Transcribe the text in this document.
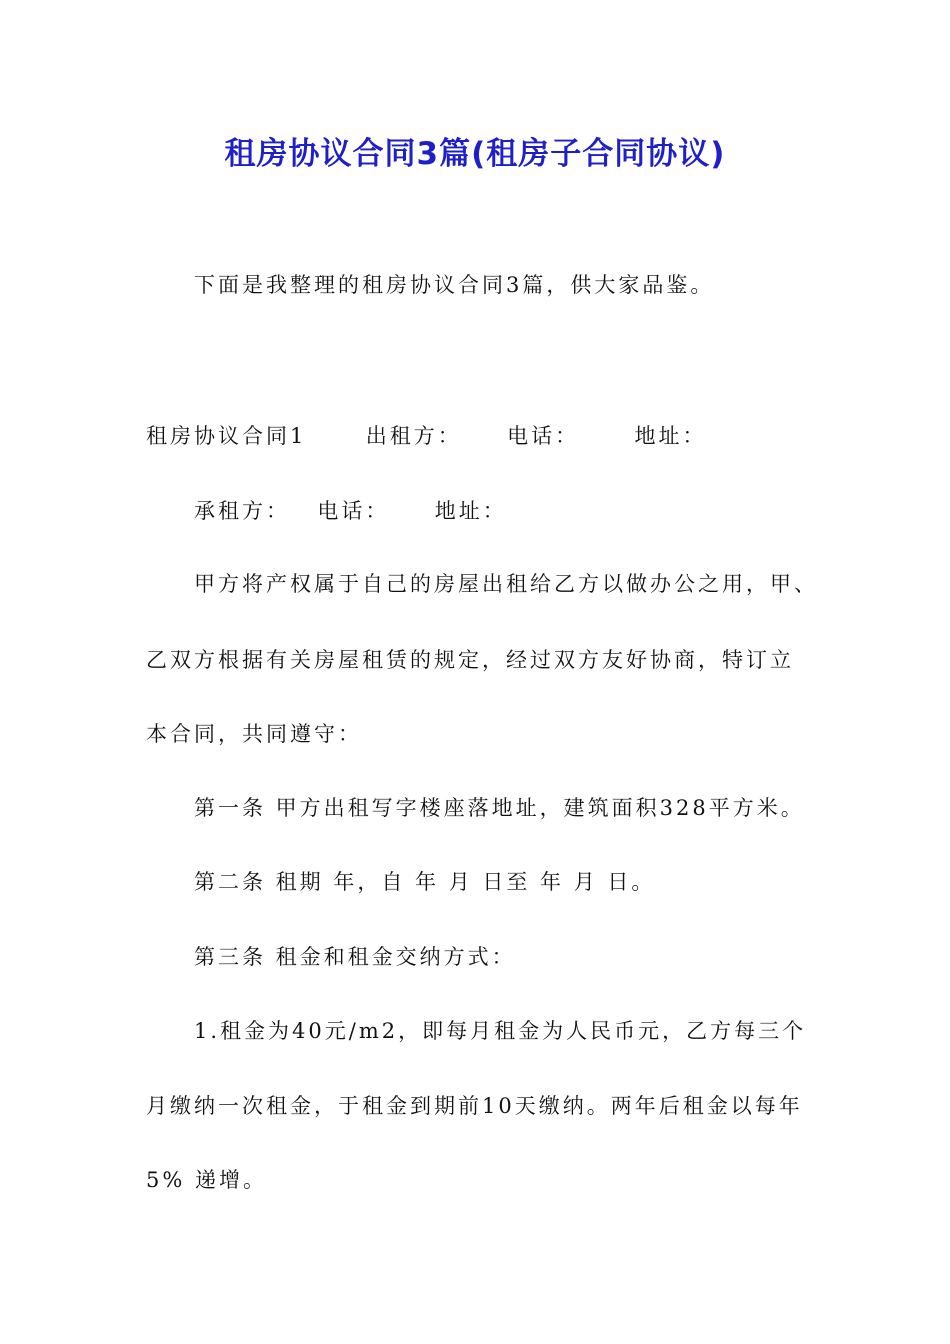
租房协议合同3篇(租房子合同协议)
下面是我整理的租房协议合同3篇，供大家品鉴。
租房协议合同1	出租方： 电话：	地址：
承租方： 电话： 地址：
甲方将产权属于自己的房屋出租给乙方以做办公之用，甲、
乙双方根据有关房屋租赁的规定，经过双方友好协商，特订立
本合同，共同遵守：
第一条 甲方出租写字楼座落地址，建筑面积328平方米。
第二条 租期 年，自 年 月 日至 年 月 日。
第三条 租金和租金交纳方式：
1.租金为40元/m2，即每月租金为人民币元，乙方每三个
月缴纳一次租金，于租金到期前10天缴纳。两年后租金以每年
5% 递增。
